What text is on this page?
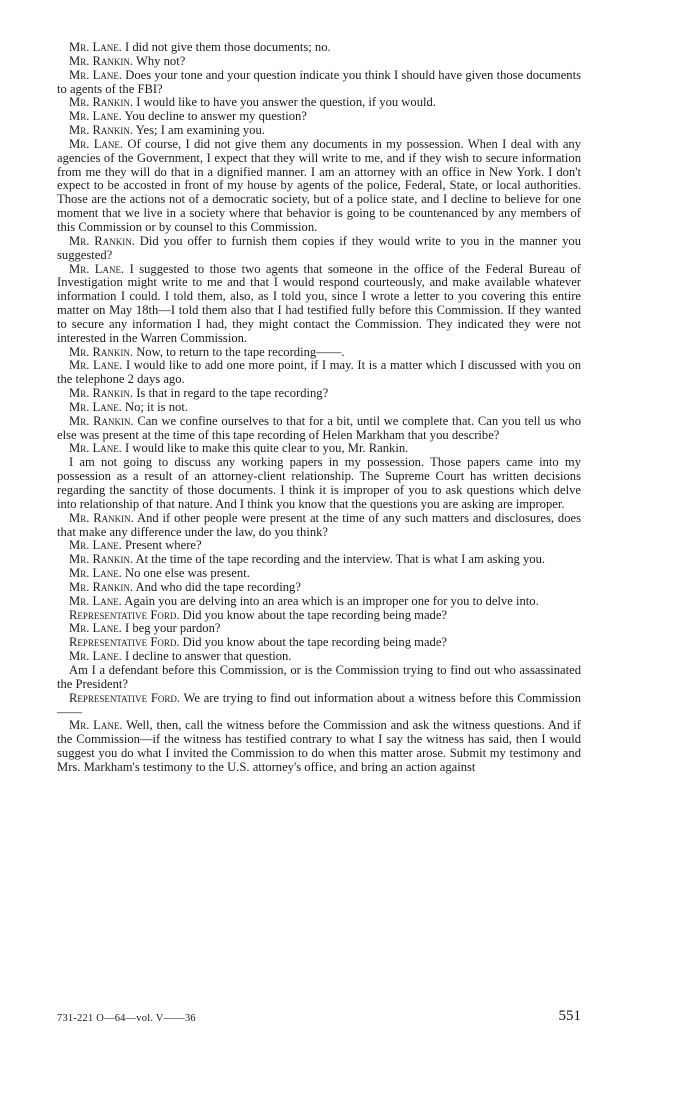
Mr. Lane. I did not give them those documents; no.

Mr. Rankin. Why not?

Mr. Lane. Does your tone and your question indicate you think I should have given those documents to agents of the FBI?

Mr. Rankin. I would like to have you answer the question, if you would.

Mr. Lane. You decline to answer my question?

Mr. Rankin. Yes; I am examining you.

Mr. Lane. Of course, I did not give them any documents in my possession. When I deal with any agencies of the Government, I expect that they will write to me, and if they wish to secure information from me they will do that in a dignified manner. I am an attorney with an office in New York. I don't expect to be accosted in front of my house by agents of the police, Federal, State, or local authorities. Those are the actions not of a democratic society, but of a police state, and I decline to believe for one moment that we live in a society where that behavior is going to be countenanced by any members of this Commission or by counsel to this Commission.

Mr. Rankin. Did you offer to furnish them copies if they would write to you in the manner you suggested?

Mr. Lane. I suggested to those two agents that someone in the office of the Federal Bureau of Investigation might write to me and that I would respond courteously, and make available whatever information I could. I told them, also, as I told you, since I wrote a letter to you covering this entire matter on May 18th—I told them also that I had testified fully before this Commission. If they wanted to secure any information I had, they might contact the Commission. They indicated they were not interested in the Warren Commission.

Mr. Rankin. Now, to return to the tape recording——.

Mr. Lane. I would like to add one more point, if I may. It is a matter which I discussed with you on the telephone 2 days ago.

Mr. Rankin. Is that in regard to the tape recording?

Mr. Lane. No; it is not.

Mr. Rankin. Can we confine ourselves to that for a bit, until we complete that. Can you tell us who else was present at the time of this tape recording of Helen Markham that you describe?

Mr. Lane. I would like to make this quite clear to you, Mr. Rankin.

I am not going to discuss any working papers in my possession. Those papers came into my possession as a result of an attorney-client relationship. The Supreme Court has written decisions regarding the sanctity of those documents. I think it is improper of you to ask questions which delve into relationship of that nature. And I think you know that the questions you are asking are improper.

Mr. Rankin. And if other people were present at the time of any such matters and disclosures, does that make any difference under the law, do you think?

Mr. Lane. Present where?

Mr. Rankin. At the time of the tape recording and the interview. That is what I am asking you.

Mr. Lane. No one else was present.

Mr. Rankin. And who did the tape recording?

Mr. Lane. Again you are delving into an area which is an improper one for you to delve into.

Representative Ford. Did you know about the tape recording being made?

Mr. Lane. I beg your pardon?

Representative Ford. Did you know about the tape recording being made?

Mr. Lane. I decline to answer that question.

Am I a defendant before this Commission, or is the Commission trying to find out who assassinated the President?

Representative Ford. We are trying to find out information about a witness before this Commission——

Mr. Lane. Well, then, call the witness before the Commission and ask the witness questions. And if the Commission—if the witness has testified contrary to what I say the witness has said, then I would suggest you do what I invited the Commission to do when this matter arose. Submit my testimony and Mrs. Markham's testimony to the U.S. attorney's office, and bring an action against

731-221 O—64—vol. V——36	551
